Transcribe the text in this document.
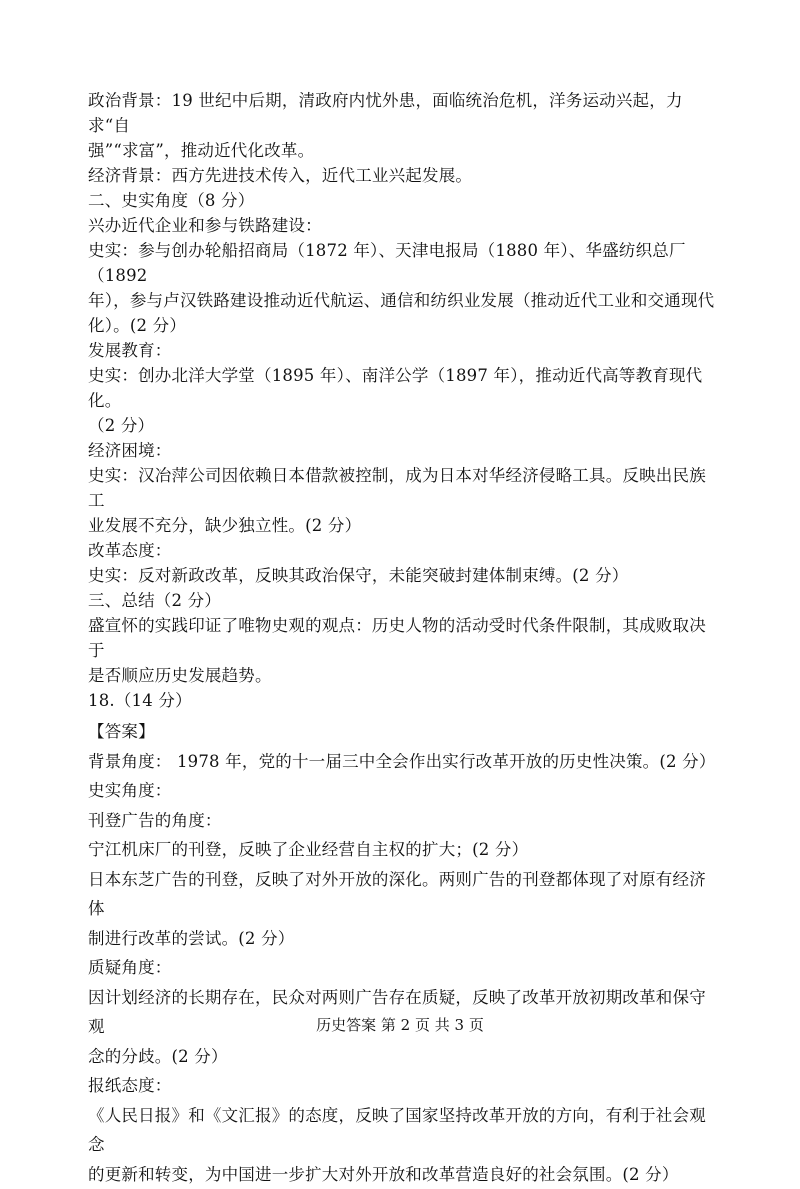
政治背景：19 世纪中后期，清政府内忧外患，面临统治危机，洋务运动兴起，力求“自

强”“求富”，推动近代化改革。

经济背景：西方先进技术传入，近代工业兴起发展。

二、史实角度（8 分）

兴办近代企业和参与铁路建设：

史实：参与创办轮船招商局（1872 年）、天津电报局（1880 年）、华盛纺织总厂（1892

年），参与卢汉铁路建设推动近代航运、通信和纺织业发展（推动近代工业和交通现代

化）。(2 分）

发展教育：

史实：创办北洋大学堂（1895 年）、南洋公学（1897 年），推动近代高等教育现代化。

（2 分）

经济困境：

史实：汉冶萍公司因依赖日本借款被控制，成为日本对华经济侵略工具。反映出民族工

业发展不充分，缺少独立性。(2 分）

改革态度：

史实：反对新政改革，反映其政治保守，未能突破封建体制束缚。(2 分）

三、总结（2 分）

盛宣怀的实践印证了唯物史观的观点：历史人物的活动受时代条件限制，其成败取决于

是否顺应历史发展趋势。

18.（14 分）

【答案】

背景角度： 1978 年，党的十一届三中全会作出实行改革开放的历史性决策。(2 分）

史实角度：

刊登广告的角度：

宁江机床厂的刊登，反映了企业经营自主权的扩大；(2 分）

日本东芝广告的刊登，反映了对外开放的深化。两则广告的刊登都体现了对原有经济体

制进行改革的尝试。(2 分）

质疑角度：

因计划经济的长期存在，民众对两则广告存在质疑，反映了改革开放初期改革和保守观

念的分歧。(2 分）

报纸态度：

《人民日报》和《文汇报》的态度，反映了国家坚持改革开放的方向，有利于社会观念

的更新和转变，为中国进一步扩大对外开放和改革营造良好的社会氛围。(2 分）

历史答案 第 2 页 共 3 页
